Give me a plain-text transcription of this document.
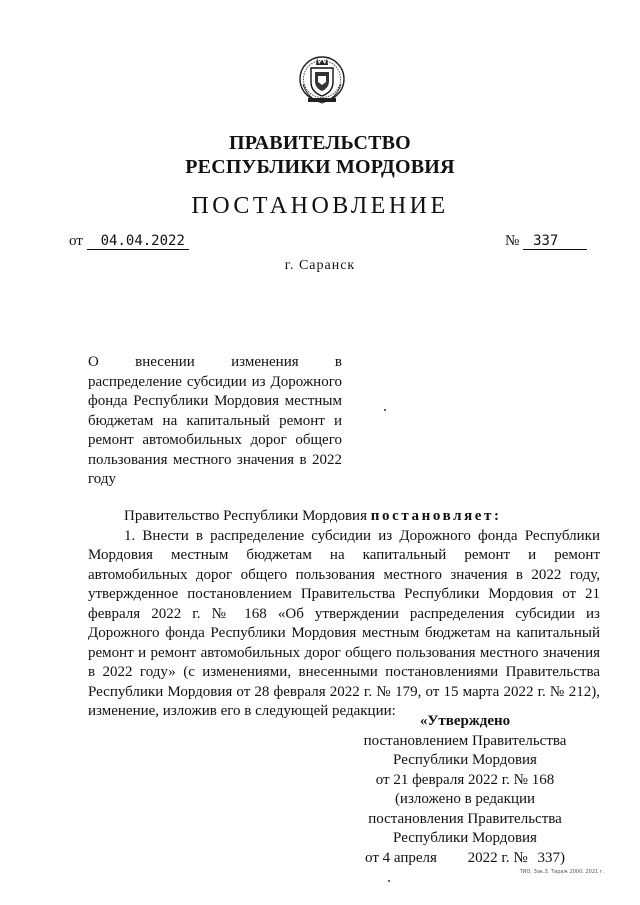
ПРАВИТЕЛЬСТВО
РЕСПУБЛИКИ МОРДОВИЯ
ПОСТАНОВЛЕНИЕ
от 04.04.2022	№ 337
г. Саранск
О внесении изменения в распределение субсидии из Дорожного фонда Республики Мордовия местным бюджетам на капитальный ремонт и ремонт автомобильных дорог общего пользования местного значения в 2022 году

Правительство Республики Мордовия постановляет:

1. Внести в распределение субсидии из Дорожного фонда Республики Мордовия местным бюджетам на капитальный ремонт и ремонт автомобильных дорог общего пользования местного значения в 2022 году, утвержденное постановлением Правительства Республики Мордовия от 21 февраля 2022 г. № 168 «Об утверждении распределения субсидии из Дорожного фонда Республики Мордовия местным бюджетам на капитальный ремонт и ремонт автомобильных дорог общего пользования местного значения в 2022 году» (с изменениями, внесенными постановлениями Правительства Республики Мордовия от 28 февраля 2022 г. № 179, от 15 марта 2022 г. № 212), изменение, изложив его в следующей редакции:

«Утверждено
постановлением Правительства
Республики Мордовия
от 21 февраля 2022 г. № 168
(изложено в редакции
постановления Правительства
Республики Мордовия
от 4 апреля 2022 г. № 337)
ТИО. Зак.З. Тираж 2000. 2021 г.
